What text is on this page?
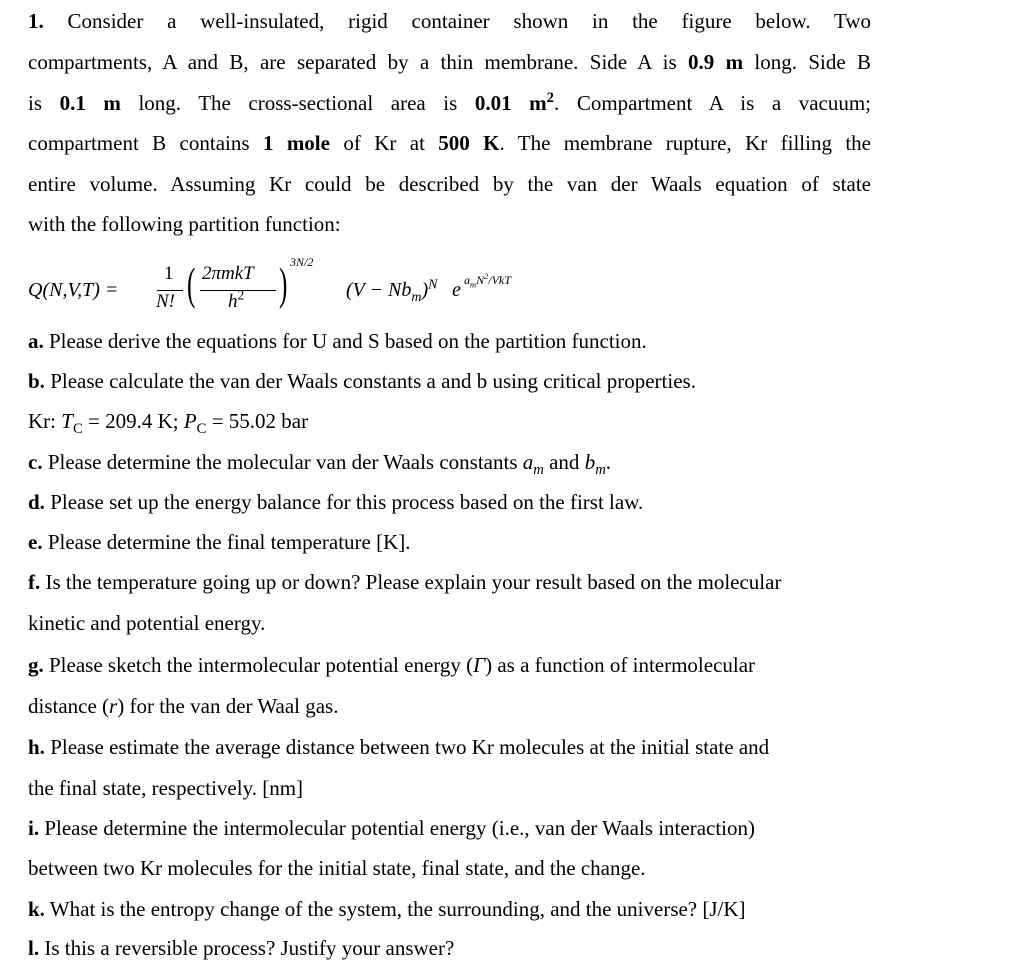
1. Consider a well-insulated, rigid container shown in the figure below. Two
compartments, A and B, are separated by a thin membrane. Side A is 0.9 m long. Side B
is 0.1 m long. The cross-sectional area is 0.01 $m^2$. Compartment A is a vacuum;
compartment B contains 1 mole of Kr at 500 K. The membrane rupture, Kr filling the
entire volume. Assuming Kr could be described by the van der Waals equation of state
with the following partition function:
Q(N,V,T) =
1
N! ( 2πmkT
$h^2$ ) 3N/2
$(V - Nb_m)^N$ e $a_mN^2$/VkT
a. Please derive the equations for U and S based on the partition function.
b. Please calculate the van der Waals constants a and b using critical properties.
Kr: $T_C = 209.4$ K; $P_C = 55.02$ bar
c. Please determine the molecular van der Waals constants $a_m$ and $b_m$.
d. Please set up the energy balance for this process based on the first law.
e. Please determine the final temperature [K].
f. Is the temperature going up or down? Please explain your result based on the molecular
kinetic and potential energy.
g. Please sketch the intermolecular potential energy (Γ) as a function of intermolecular
distance (r) for the van der Waal gas.
h. Please estimate the average distance between two Kr molecules at the initial state and
the final state, respectively. [nm]
i. Please determine the intermolecular potential energy (i.e., van der Waals interaction)
between two Kr molecules for the initial state, final state, and the change.
k. What is the entropy change of the system, the surrounding, and the universe? [J/K]
l. Is this a reversible process? Justify your answer?
